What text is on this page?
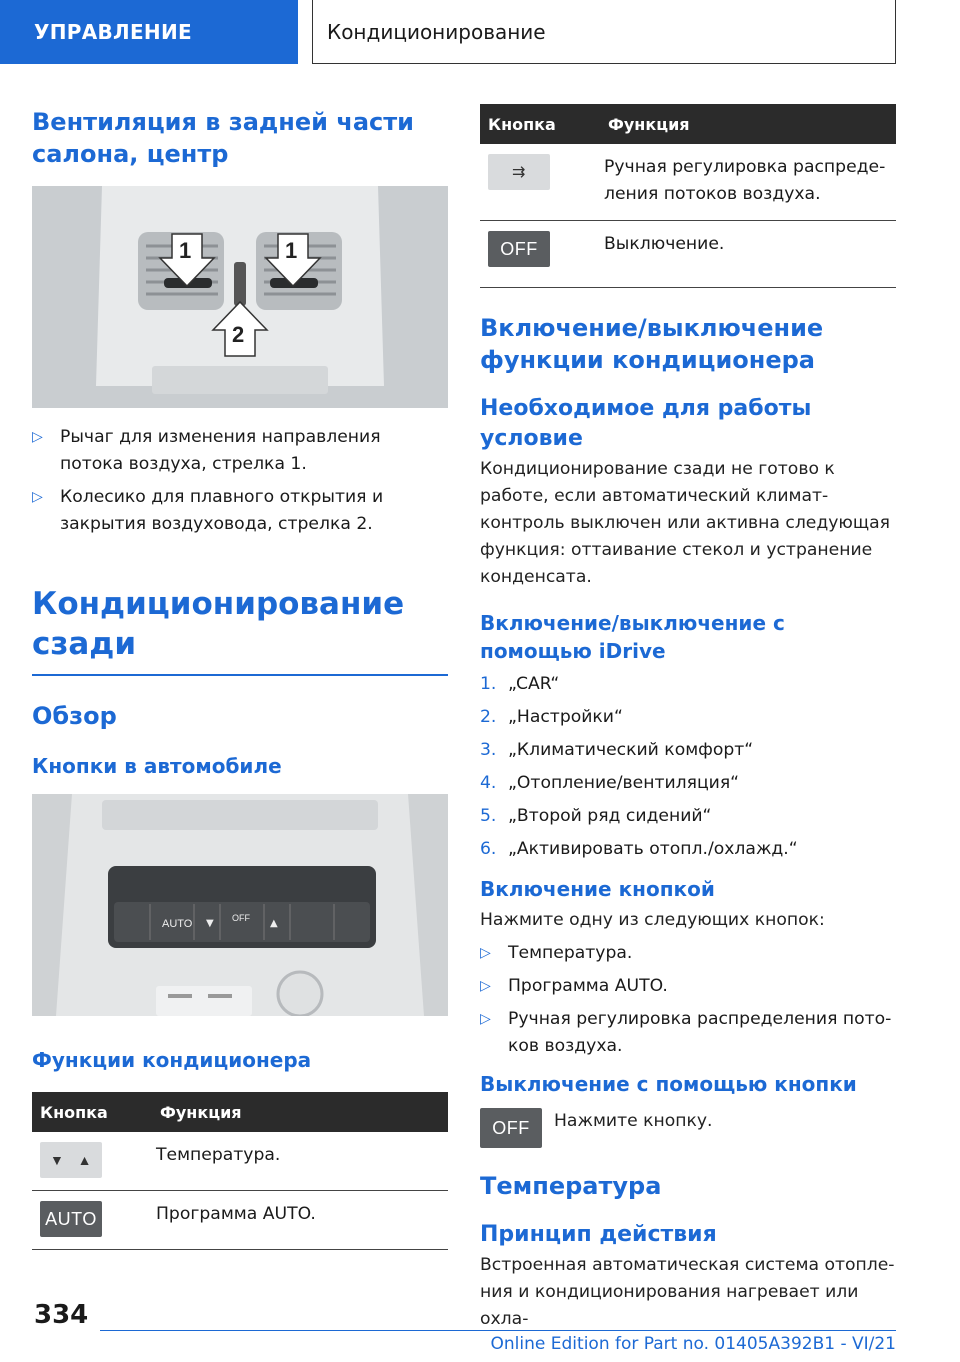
УПРАВЛЕНИЕ	Кондиционирование
Вентиляция в задней части салона, центр
1	1
2
▷ Рычаг для изменения направления потока воздуха, стрелка 1.
▷ Колесико для плавного открытия и закрытия воздуховода, стрелка 2.
Кондиционирование сзади
Обзор
Кнопки в автомобиле
AUTO	OFF
▼	▲
Функции кондиционера
Кнопка	Функция

▼   ▲	Температура.

AUTO	Программа AUTO.
Кнопка	Функция

⇉	Ручная регулировка распределения потоков воздуха.

OFF	Выключение.
Включение/выключение функции кондиционера
Необходимое для работы условие

Кондиционирование сзади не готово к работе, если автоматический климат-контроль выключен или активна следующая функция: оттаивание стекол и устранение конденсата.

Включение/выключение с помощью iDrive
1. „CAR“
2. „Настройки“
3. „Климатический комфорт“
4. „Отопление/вентиляция“
5. „Второй ряд сидений“
6. „Активировать отопл./охлажд.“
Включение кнопкой

Нажмите одну из следующих кнопок:

▷ Температура.
▷ Программа AUTO.
▷ Ручная регулировка распределения потоков воздуха.
Выключение с помощью кнопки
OFF	Нажмите кнопку.

Температура
Принцип действия

Встроенная автоматическая система отопления и кондиционирования нагревает или охла-

334
Online Edition for Part no. 01405A392B1 - VI/21
